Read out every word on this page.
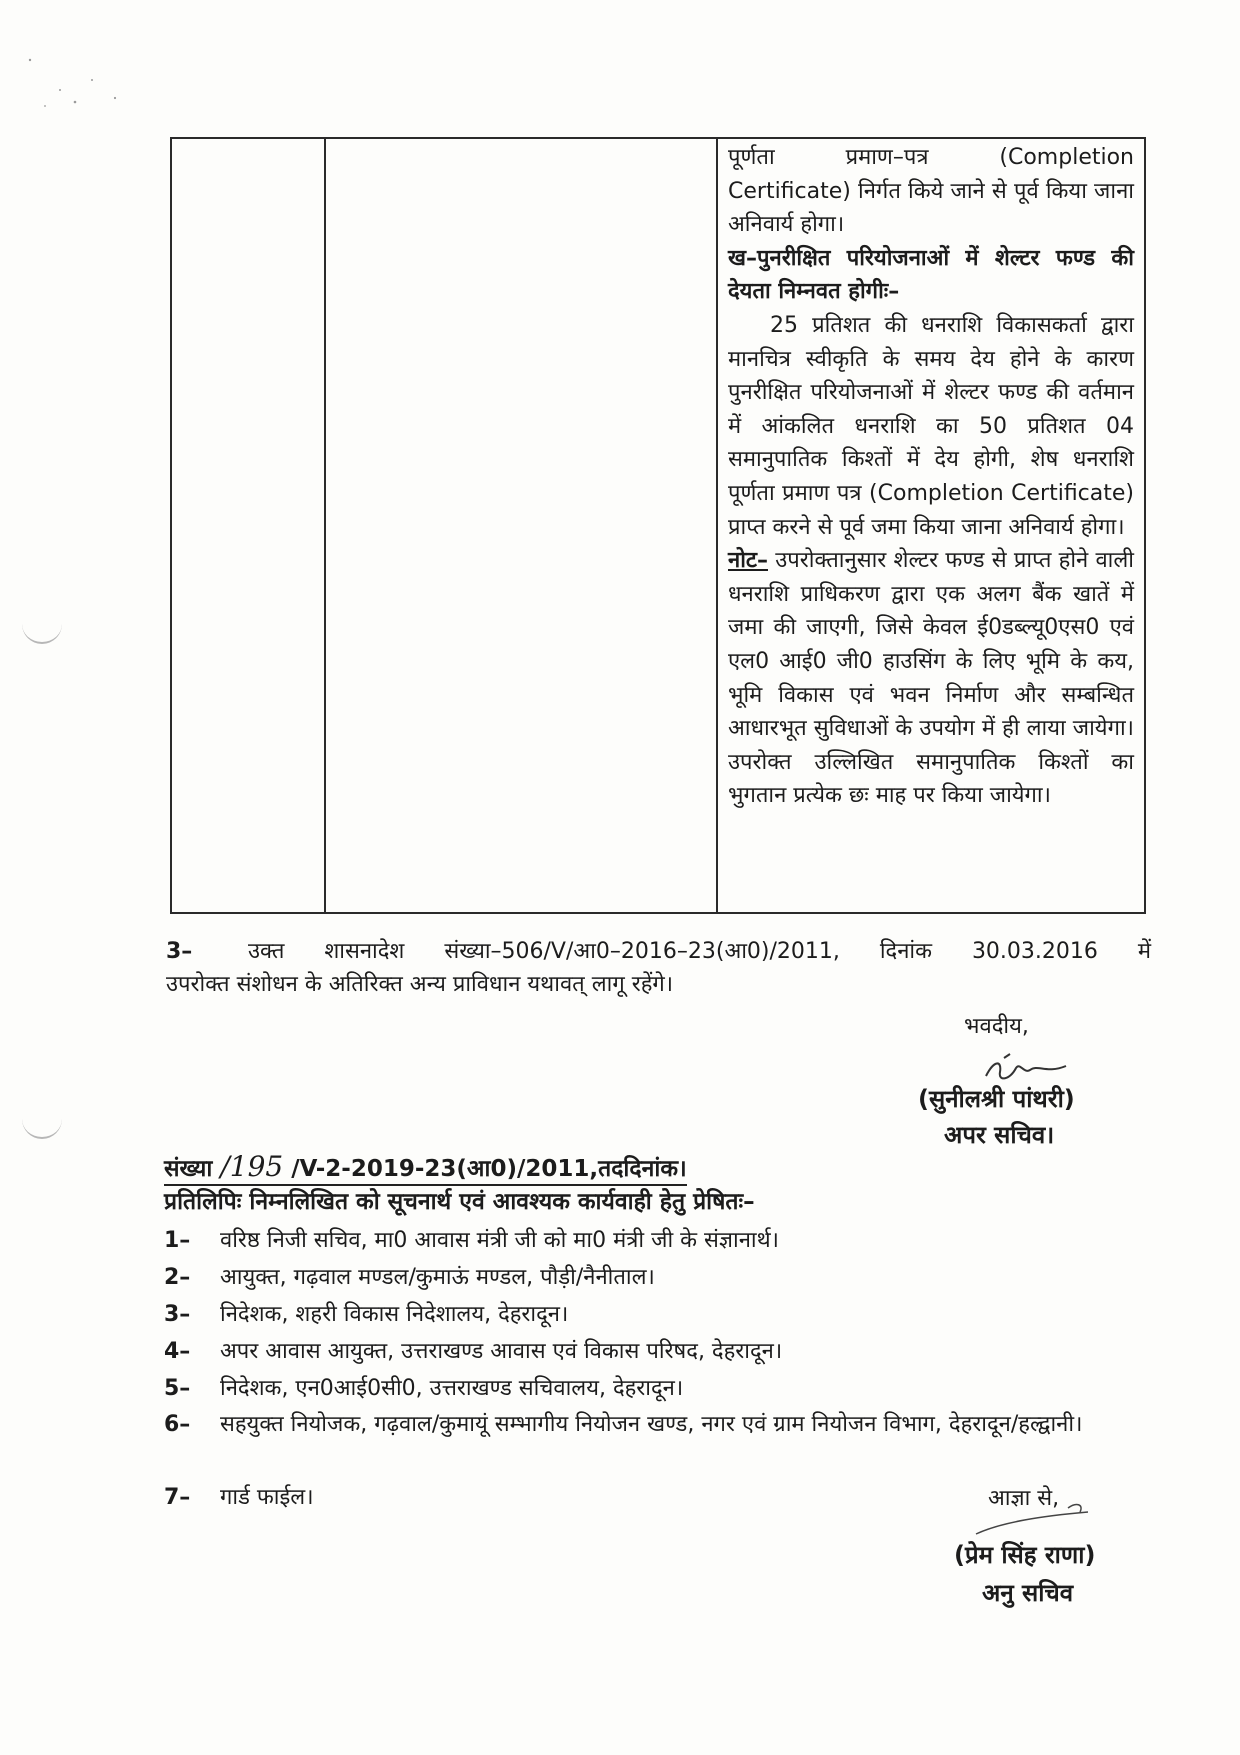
पूर्णता प्रमाण–पत्र (Completion Certificate) निर्गत किये जाने से पूर्व किया जाना अनिवार्य होगा।

ख–पुनरीक्षित परियोजनाओं में शेल्टर फण्ड की देयता निम्नवत होगीः–

25 प्रतिशत की धनराशि विकासकर्ता द्वारा मानचित्र स्वीकृति के समय देय होने के कारण पुनरीक्षित परियोजनाओं में शेल्टर फण्ड की वर्तमान में आंकलित धनराशि का 50 प्रतिशत 04 समानुपातिक किश्तों में देय होगी, शेष धनराशि पूर्णता प्रमाण पत्र (Completion Certificate) प्राप्त करने से पूर्व जमा किया जाना अनिवार्य होगा।

नोट– उपरोक्तानुसार शेल्टर फण्ड से प्राप्त होने वाली धनराशि प्राधिकरण द्वारा एक अलग बैंक खातें में जमा की जाएगी, जिसे केवल ई0डब्ल्यू0एस0 एवं एल0 आई0 जी0 हाउसिंग के लिए भूमि के कय, भूमि विकास एवं भवन निर्माण और सम्बन्धित आधारभूत सुविधाओं के उपयोग में ही लाया जायेगा। उपरोक्त उल्लिखित समानुपातिक किश्तों का भुगतान प्रत्येक छः माह पर किया जायेगा।

3–	उक्त शासनादेश संख्या–506/V/आ0–2016–23(आ0)/2011, दिनांक 30.03.2016 में
उपरोक्त संशोधन के अतिरिक्त अन्य प्राविधान यथावत् लागू रहेंगे।
भवदीय,
(सुनीलश्री पांथरी)
अपर सचिव।
संख्या /195 /V-2-2019-23(आ0)/2011,तददिनांक।
प्रतिलिपिः निम्नलिखित को सूचनार्थ एवं आवश्यक कार्यवाही हेतु प्रेषितः–
1–	वरिष्ठ निजी सचिव, मा0 आवास मंत्री जी को मा0 मंत्री जी के संज्ञानार्थ।
2–	आयुक्त, गढ़वाल मण्डल/कुमाऊं मण्डल, पौड़ी/नैनीताल।
3–	निदेशक, शहरी विकास निदेशालय, देहरादून।
4–	अपर आवास आयुक्त, उत्तराखण्ड आवास एवं विकास परिषद, देहरादून।
5–	निदेशक, एन0आई0सी0, उत्तराखण्ड सचिवालय, देहरादून।
6–	सहयुक्त नियोजक, गढ़वाल/कुमायूं सम्भागीय नियोजन खण्ड, नगर एवं ग्राम नियोजन विभाग, देहरादून/हल्द्वानी।
7–	गार्ड फाईल।	आज्ञा से,
(प्रेम सिंह राणा)
अनु सचिव
